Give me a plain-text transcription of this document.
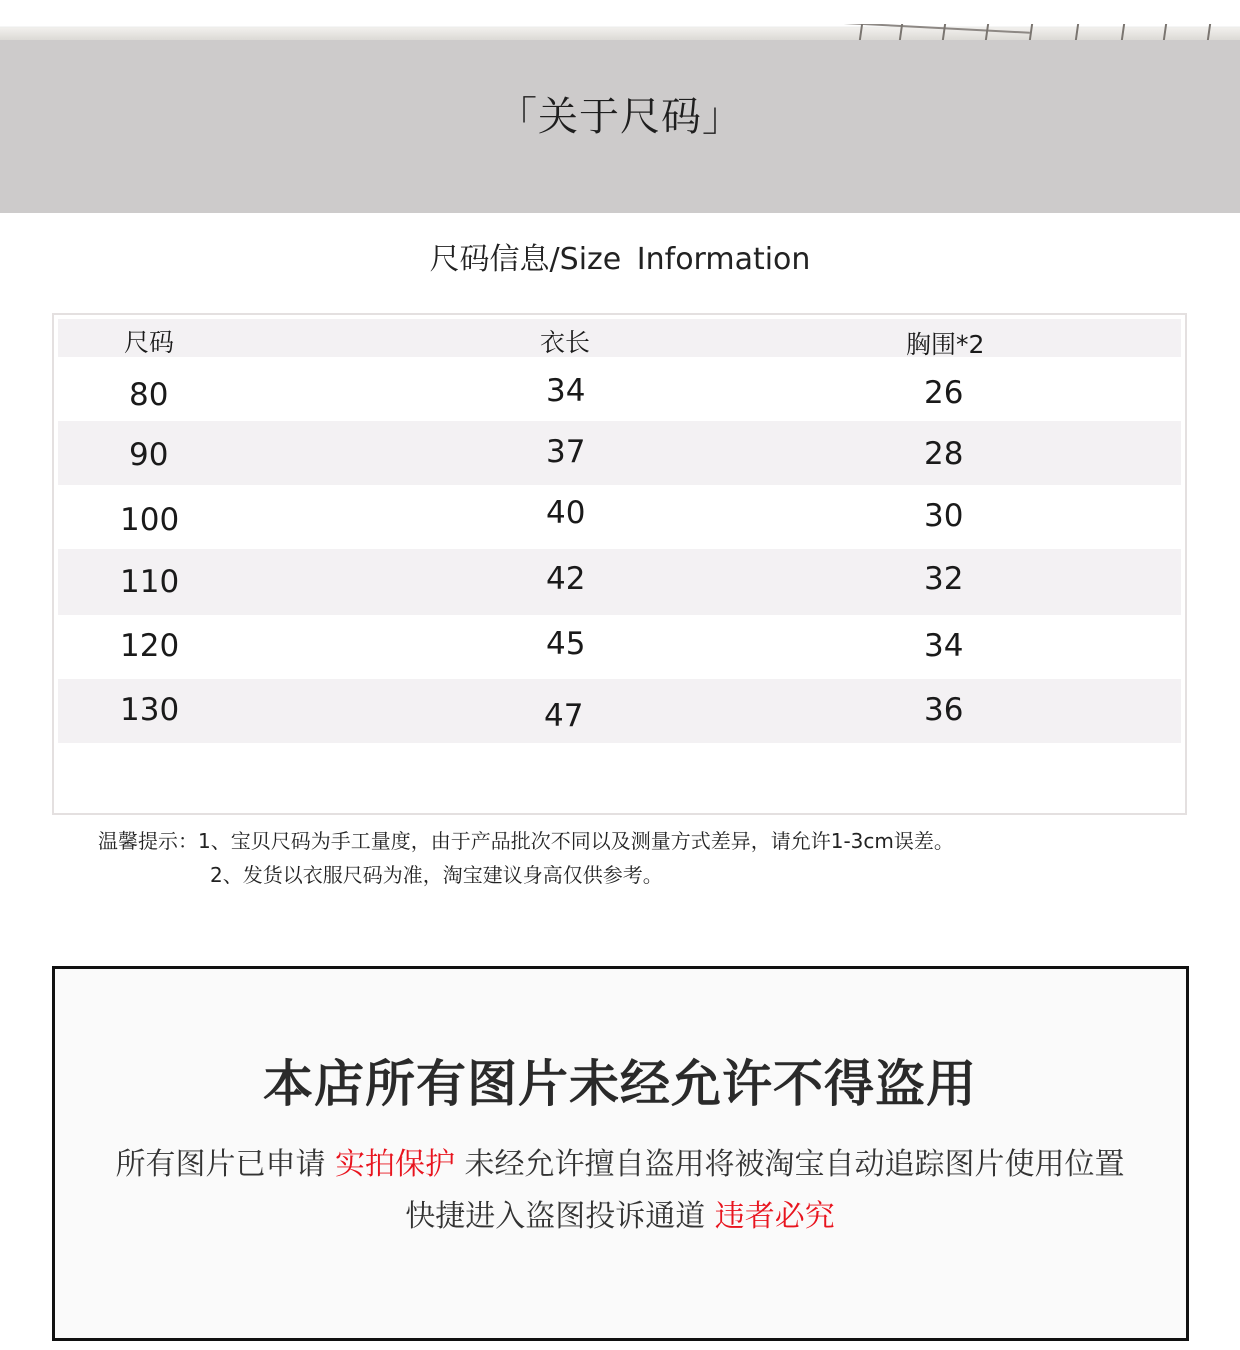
「关于尺码」
尺码信息/Size Information
尺码	衣长	胸围*2
80	34	26
90	37	28
100	40	30
110	42	32
120	45	34
130	47	36
温馨提示：1、宝贝尺码为手工量度，由于产品批次不同以及测量方式差异，请允许1-3cm误差。
2、发货以衣服尺码为准，淘宝建议身高仅供参考。
本店所有图片未经允许不得盗用
所有图片已申请 实拍保护 未经允许擅自盗用将被淘宝自动追踪图片使用位置
快捷进入盗图投诉通道 违者必究
